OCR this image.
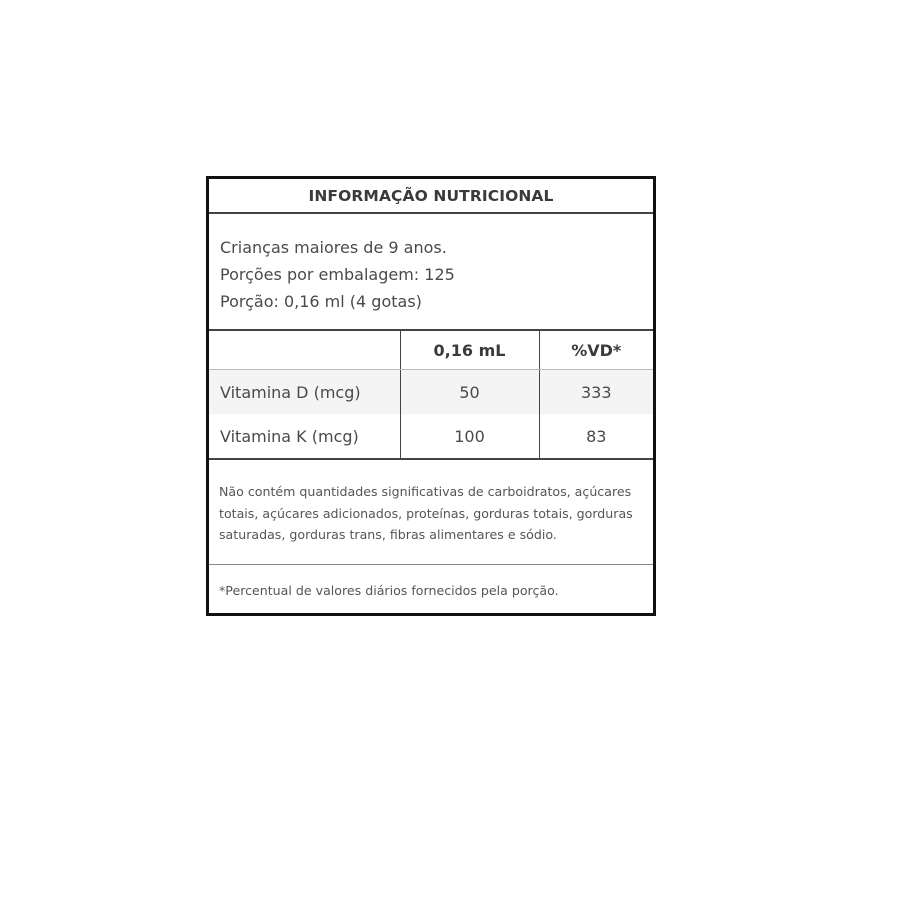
INFORMAÇÃO NUTRICIONAL
Crianças maiores de 9 anos.
Porções por embalagem: 125
Porção: 0,16 ml (4 gotas)
	0,16 mL	%VD*
Vitamina D (mcg)	50	333
Vitamina K (mcg)	100	83
Não contém quantidades significativas de carboidratos, açúcares totais, açúcares adicionados, proteínas, gorduras totais, gorduras saturadas, gorduras trans, fibras alimentares e sódio.
*Percentual de valores diários fornecidos pela porção.
